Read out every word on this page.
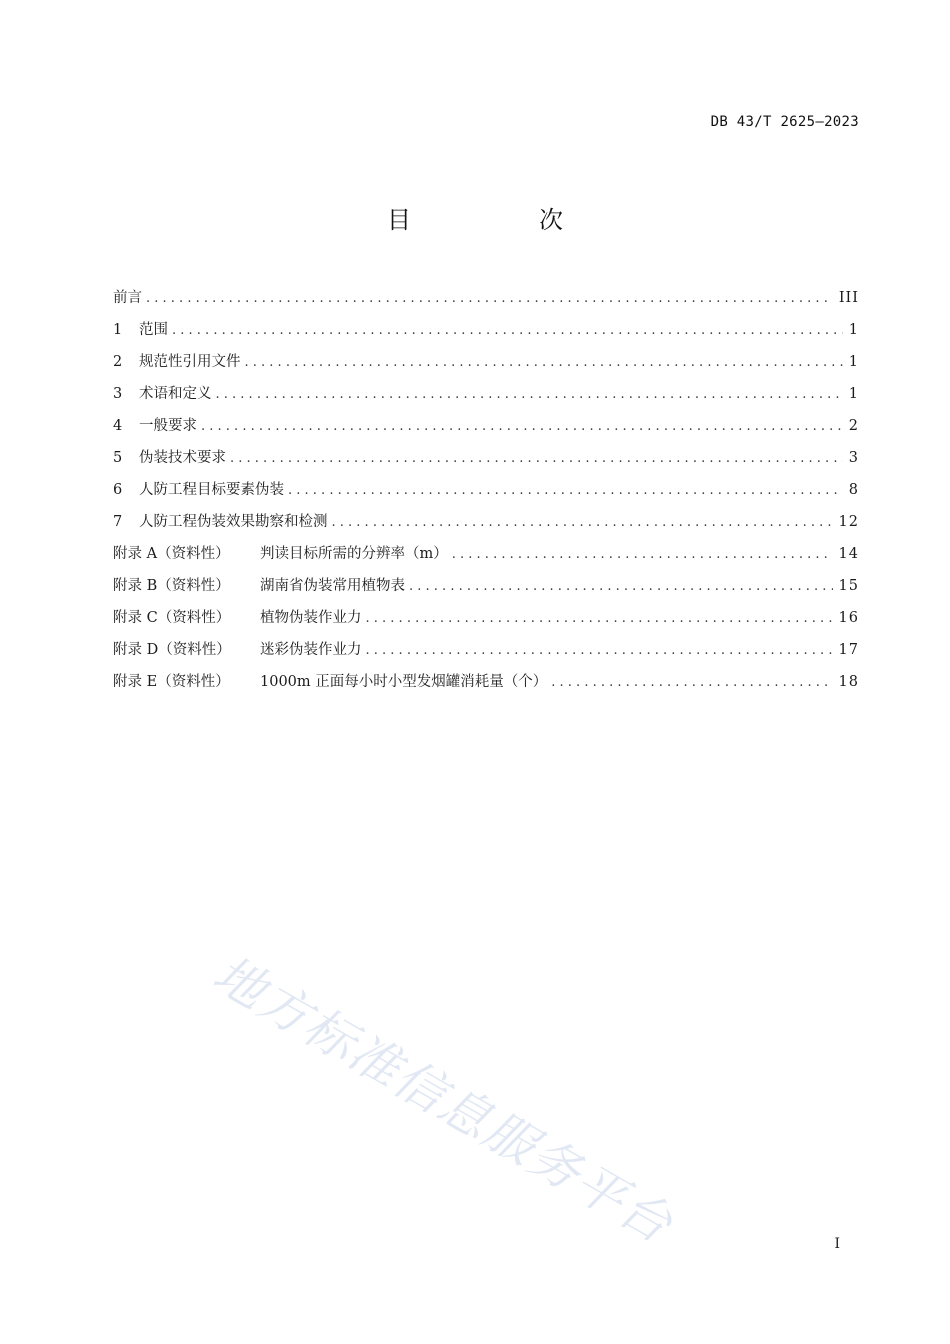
DB 43/T 2625—2023
目　次
前言 . . .	III
1	范围 . . .	1
2	规范性引用文件 . . .	1
3	术语和定义 . . .	1
4	一般要求 . . .	2
5	伪装技术要求 . . .	3
6	人防工程目标要素伪装 . . .	8
7	人防工程伪装效果勘察和检测 . . .	12
附录 A（资料性）	判读目标所需的分辨率（m） . . .	14
附录 B（资料性）	湖南省伪装常用植物表 . . .	15
附录 C（资料性）	植物伪装作业力 . . .	16
附录 D（资料性）	迷彩伪装作业力 . . .	17
附录 E（资料性）	1000m 正面每小时小型发烟罐消耗量（个） . . .	18
地方标准信息服务平台	I
